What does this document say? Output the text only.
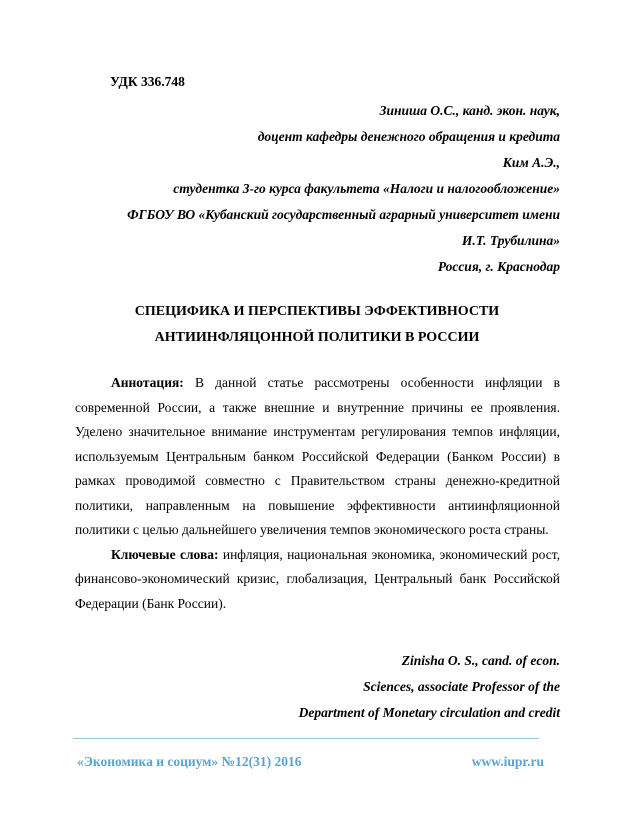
УДК 336.748
Зиниша О.С., канд. экон. наук,
доцент кафедры денежного обращения и кредита
Ким А.Э.,
студентка 3-го курса факультета «Налоги и налогообложение»
ФГБОУ ВО «Кубанский государственный аграрный университет имени
И.Т. Трубилина»
Россия, г. Краснодар
СПЕЦИФИКА И ПЕРСПЕКТИВЫ ЭФФЕКТИВНОСТИ
АНТИИНФЛЯЦОННОЙ ПОЛИТИКИ В РОССИИ

Аннотация: В данной статье рассмотрены особенности инфляции в современной России, а также внешние и внутренние причины ее проявления. Уделено значительное внимание инструментам регулирования темпов инфляции, используемым Центральным банком Российской Федерации (Банком России) в рамках проводимой совместно с Правительством страны денежно-кредитной политики, направленным на повышение эффективности антиинфляционной политики с целью дальнейшего увеличения темпов экономического роста страны.

Ключевые слова: инфляция, национальная экономика, экономический рост, финансово-экономический кризис, глобализация, Центральный банк Российской Федерации (Банк России).

Zinisha O. S., cand. of econ.
Sciences, associate Professor of the
Department of Monetary circulation and credit
«Экономика и социум» №12(31) 2016	www.iupr.ru
